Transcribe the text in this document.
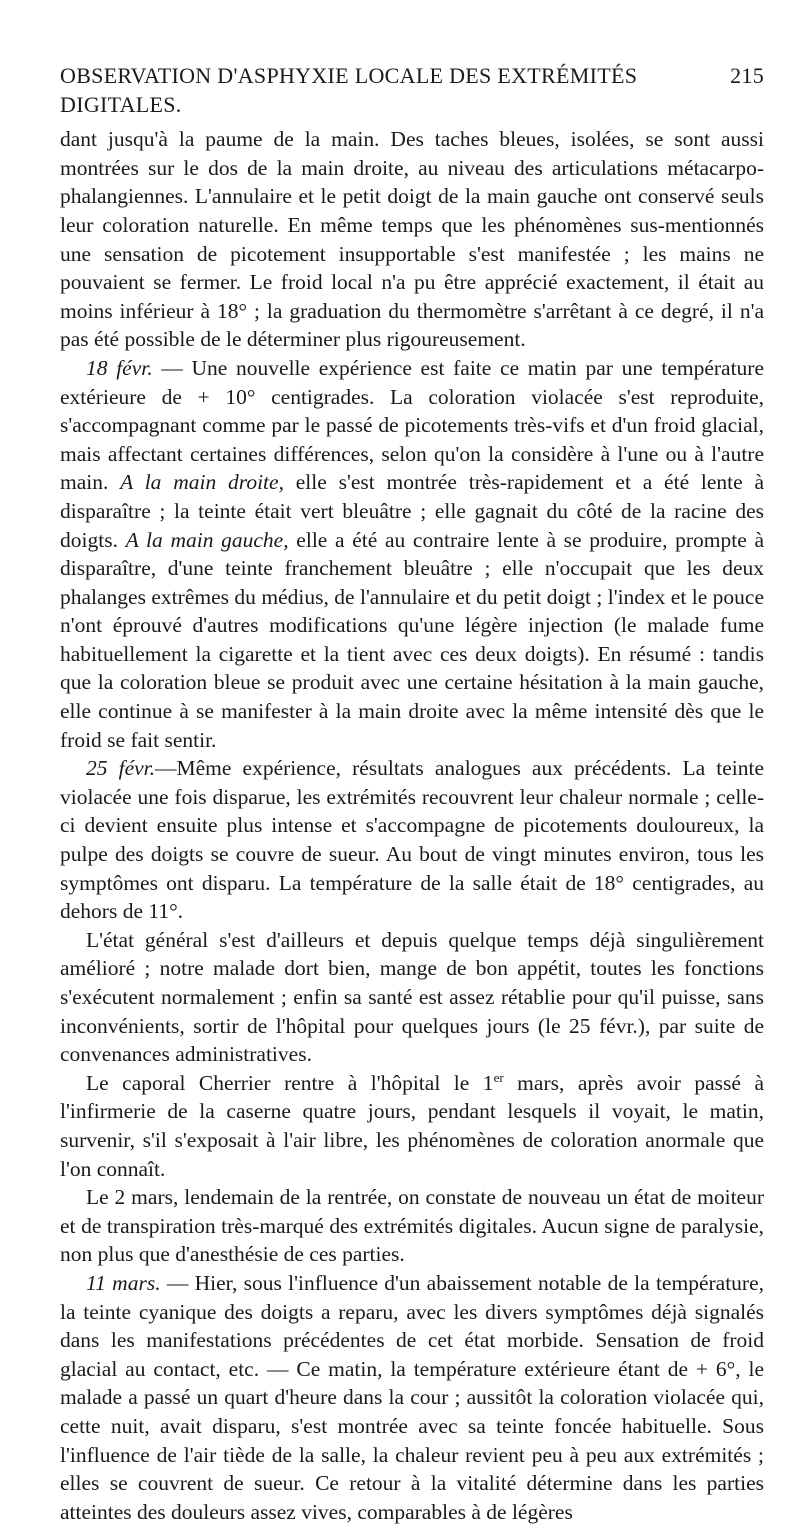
OBSERVATION D'ASPHYXIE LOCALE DES EXTRÉMITÉS DIGITALES.
215

dant jusqu'à la paume de la main. Des taches bleues, isolées, se sont aussi montrées sur le dos de la main droite, au niveau des articulations métacarpo-phalangiennes. L'annulaire et le petit doigt de la main gauche ont conservé seuls leur coloration naturelle. En même temps que les phénomènes sus-mentionnés une sensation de picotement insupportable s'est manifestée ; les mains ne pouvaient se fermer. Le froid local n'a pu être apprécié exactement, il était au moins inférieur à 18° ; la graduation du thermomètre s'arrêtant à ce degré, il n'a pas été possible de le déterminer plus rigoureusement.

18 févr. — Une nouvelle expérience est faite ce matin par une température extérieure de + 10° centigrades. La coloration violacée s'est reproduite, s'accompagnant comme par le passé de picotements très-vifs et d'un froid glacial, mais affectant certaines différences, selon qu'on la considère à l'une ou à l'autre main. A la main droite, elle s'est montrée très-rapidement et a été lente à disparaître ; la teinte était vert bleuâtre ; elle gagnait du côté de la racine des doigts. A la main gauche, elle a été au contraire lente à se produire, prompte à disparaître, d'une teinte franchement bleuâtre ; elle n'occupait que les deux phalanges extrêmes du médius, de l'annulaire et du petit doigt ; l'index et le pouce n'ont éprouvé d'autres modifications qu'une légère injection (le malade fume habituellement la cigarette et la tient avec ces deux doigts). En résumé : tandis que la coloration bleue se produit avec une certaine hésitation à la main gauche, elle continue à se manifester à la main droite avec la même intensité dès que le froid se fait sentir.

25 févr.—Même expérience, résultats analogues aux précédents. La teinte violacée une fois disparue, les extrémités recouvrent leur chaleur normale ; celle-ci devient ensuite plus intense et s'accompagne de picotements douloureux, la pulpe des doigts se couvre de sueur. Au bout de vingt minutes environ, tous les symptômes ont disparu. La température de la salle était de 18° centigrades, au dehors de 11°.

L'état général s'est d'ailleurs et depuis quelque temps déjà singulièrement amélioré ; notre malade dort bien, mange de bon appétit, toutes les fonctions s'exécutent normalement ; enfin sa santé est assez rétablie pour qu'il puisse, sans inconvénients, sortir de l'hôpital pour quelques jours (le 25 févr.), par suite de convenances administratives.

Le caporal Cherrier rentre à l'hôpital le 1er mars, après avoir passé à l'infirmerie de la caserne quatre jours, pendant lesquels il voyait, le matin, survenir, s'il s'exposait à l'air libre, les phénomènes de coloration anormale que l'on connaît.

Le 2 mars, lendemain de la rentrée, on constate de nouveau un état de moiteur et de transpiration très-marqué des extrémités digitales. Aucun signe de paralysie, non plus que d'anesthésie de ces parties.

11 mars. — Hier, sous l'influence d'un abaissement notable de la température, la teinte cyanique des doigts a reparu, avec les divers symptômes déjà signalés dans les manifestations précédentes de cet état morbide. Sensation de froid glacial au contact, etc. — Ce matin, la température extérieure étant de + 6°, le malade a passé un quart d'heure dans la cour ; aussitôt la coloration violacée qui, cette nuit, avait disparu, s'est montrée avec sa teinte foncée habituelle. Sous l'influence de l'air tiède de la salle, la chaleur revient peu à peu aux extrémités ; elles se couvrent de sueur. Ce retour à la vitalité détermine dans les parties atteintes des douleurs assez vives, comparables à de légères
